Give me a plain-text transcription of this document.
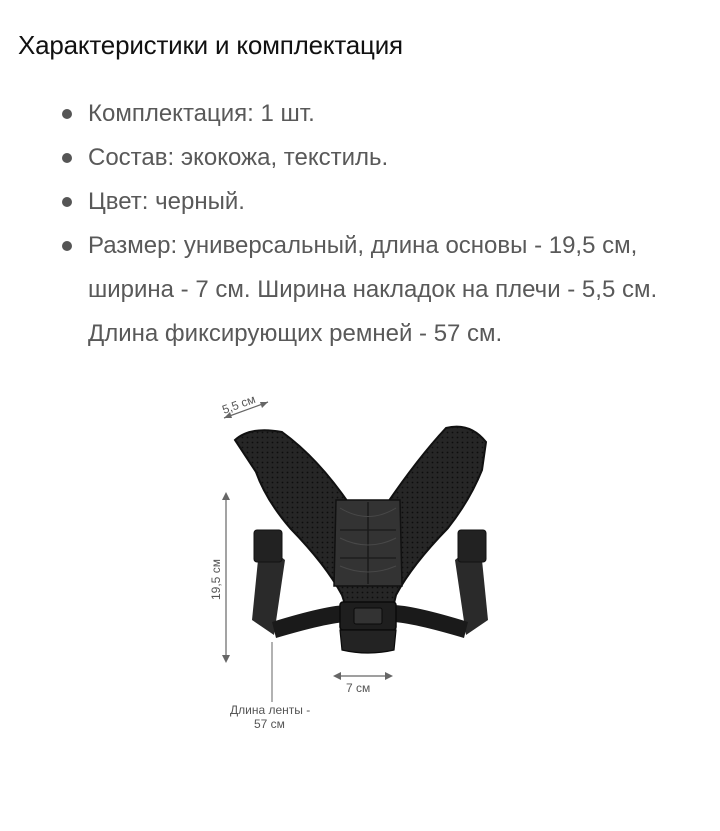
Характеристики и комплектация
Комплектация: 1 шт.
Состав: экокожа, текстиль.
Цвет: черный.
Размер: универсальный, длина основы - 19,5 см, ширина - 7 см. Ширина накладок на плечи - 5,5 см. Длина фиксирующих ремней - 57 см.
5,5 см
19,5 см
7 см
Длина ленты -
57 см
